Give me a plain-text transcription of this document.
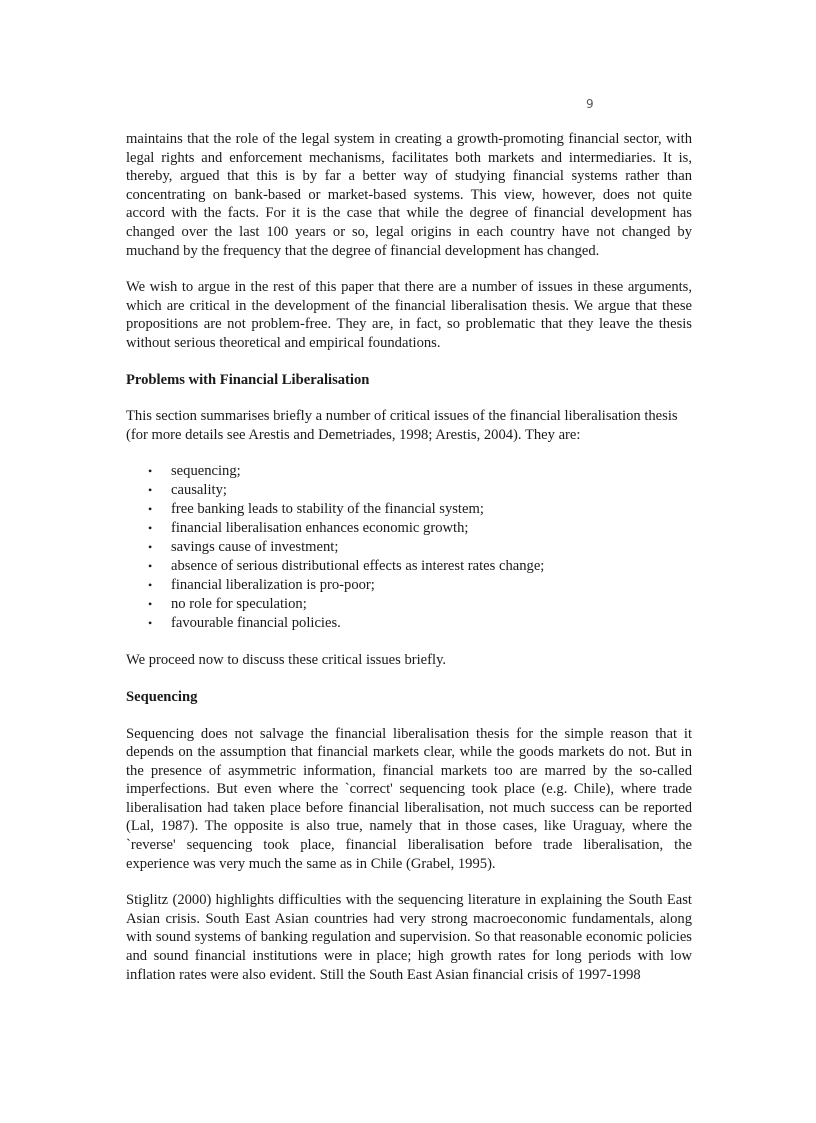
9

maintains that the role of the legal system in creating a growth-promoting financial sector, with legal rights and enforcement mechanisms, facilitates both markets and intermediaries. It is, thereby, argued that this is by far a better way of studying financial systems rather than concentrating on bank-based or market-based systems. This view, however, does not quite accord with the facts. For it is the case that while the degree of financial development has changed over the last 100 years or so, legal origins in each country have not changed by muchand by the frequency that the degree of financial development has changed.

We wish to argue in the rest of this paper that there are a number of issues in these arguments, which are critical in the development of the financial liberalisation thesis. We argue that these propositions are not problem-free. They are, in fact, so problematic that they leave the thesis without serious theoretical and empirical foundations.

Problems with Financial Liberalisation

This section summarises briefly a number of critical issues of the financial liberalisation thesis (for more details see Arestis and Demetriades, 1998; Arestis, 2004). They are:

• sequencing;
• causality;
• free banking leads to stability of the financial system;
• financial liberalisation enhances economic growth;
• savings cause of investment;
• absence of serious distributional effects as interest rates change;
• financial liberalization is pro-poor;
• no role for speculation;
• favourable financial policies.

We proceed now to discuss these critical issues briefly.

Sequencing

Sequencing does not salvage the financial liberalisation thesis for the simple reason that it depends on the assumption that financial markets clear, while the goods markets do not. But in the presence of asymmetric information, financial markets too are marred by the so-called imperfections. But even where the `correct' sequencing took place (e.g. Chile), where trade liberalisation had taken place before financial liberalisation, not much success can be reported (Lal, 1987). The opposite is also true, namely that in those cases, like Uraguay, where the `reverse' sequencing took place, financial liberalisation before trade liberalisation, the experience was very much the same as in Chile (Grabel, 1995).

Stiglitz (2000) highlights difficulties with the sequencing literature in explaining the South East Asian crisis. South East Asian countries had very strong macroeconomic fundamentals, along with sound systems of banking regulation and supervision. So that reasonable economic policies and sound financial institutions were in place; high growth rates for long periods with low inflation rates were also evident. Still the South East Asian financial crisis of 1997-1998
